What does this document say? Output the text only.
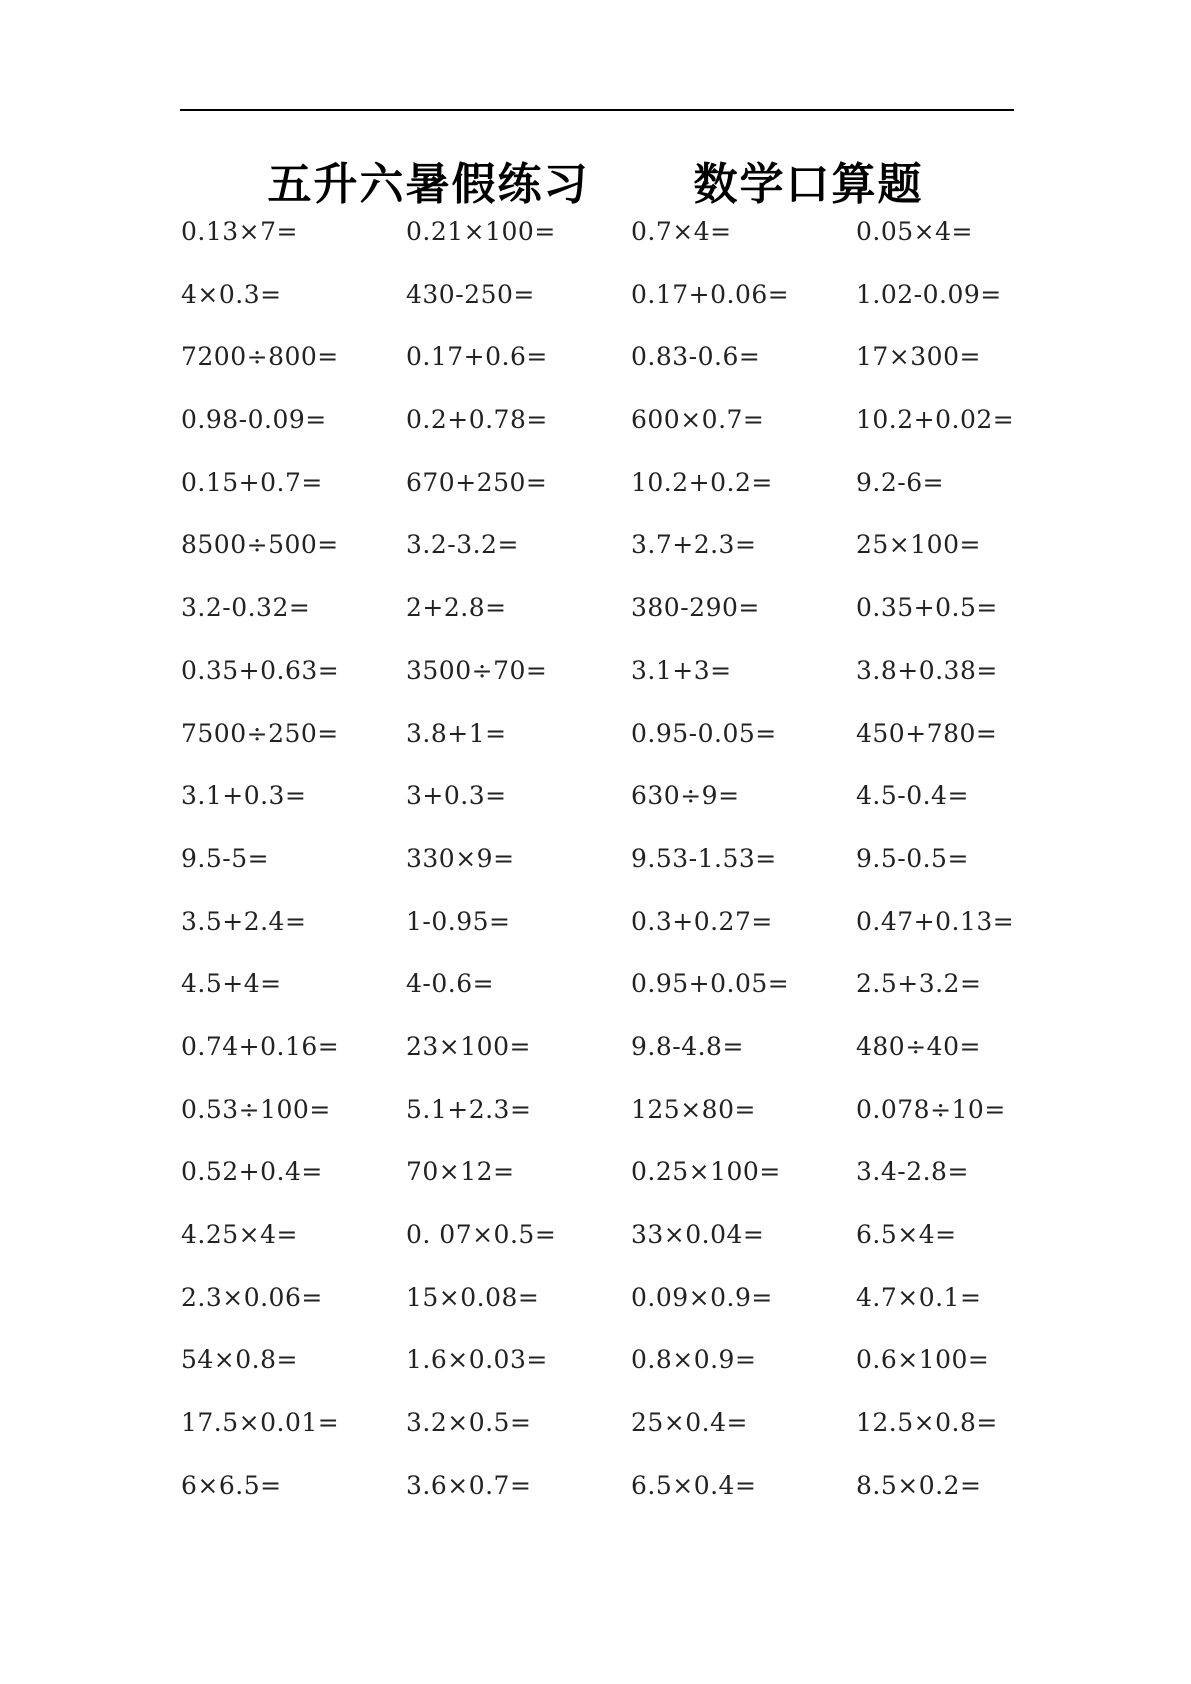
五升六暑假练习 数学口算题
0.13×7=	0.21×100=	0.7×4=	0.05×4=
4×0.3=	430-250=	0.17+0.06=	1.02-0.09=
7200÷800=	0.17+0.6=	0.83-0.6=	17×300=
0.98-0.09=	0.2+0.78=	600×0.7=	10.2+0.02=
0.15+0.7=	670+250=	10.2+0.2=	9.2-6=
8500÷500=	3.2-3.2=	3.7+2.3=	25×100=
3.2-0.32=	2+2.8=	380-290=	0.35+0.5=
0.35+0.63=	3500÷70=	3.1+3=	3.8+0.38=
7500÷250=	3.8+1=	0.95-0.05=	450+780=
3.1+0.3=	3+0.3=	630÷9=	4.5-0.4=
9.5-5=	330×9=	9.53-1.53=	9.5-0.5=
3.5+2.4=	1-0.95=	0.3+0.27=	0.47+0.13=
4.5+4=	4-0.6=	0.95+0.05=	2.5+3.2=
0.74+0.16=	23×100=	9.8-4.8=	480÷40=
0.53÷100=	5.1+2.3=	125×80=	0.078÷10=
0.52+0.4=	70×12=	0.25×100=	3.4-2.8=
4.25×4=	0. 07×0.5=	33×0.04=	6.5×4=
2.3×0.06=	15×0.08=	0.09×0.9=	4.7×0.1=
54×0.8=	1.6×0.03=	0.8×0.9=	0.6×100=
17.5×0.01=	3.2×0.5=	25×0.4=	12.5×0.8=
6×6.5=	3.6×0.7=	6.5×0.4=	8.5×0.2=
